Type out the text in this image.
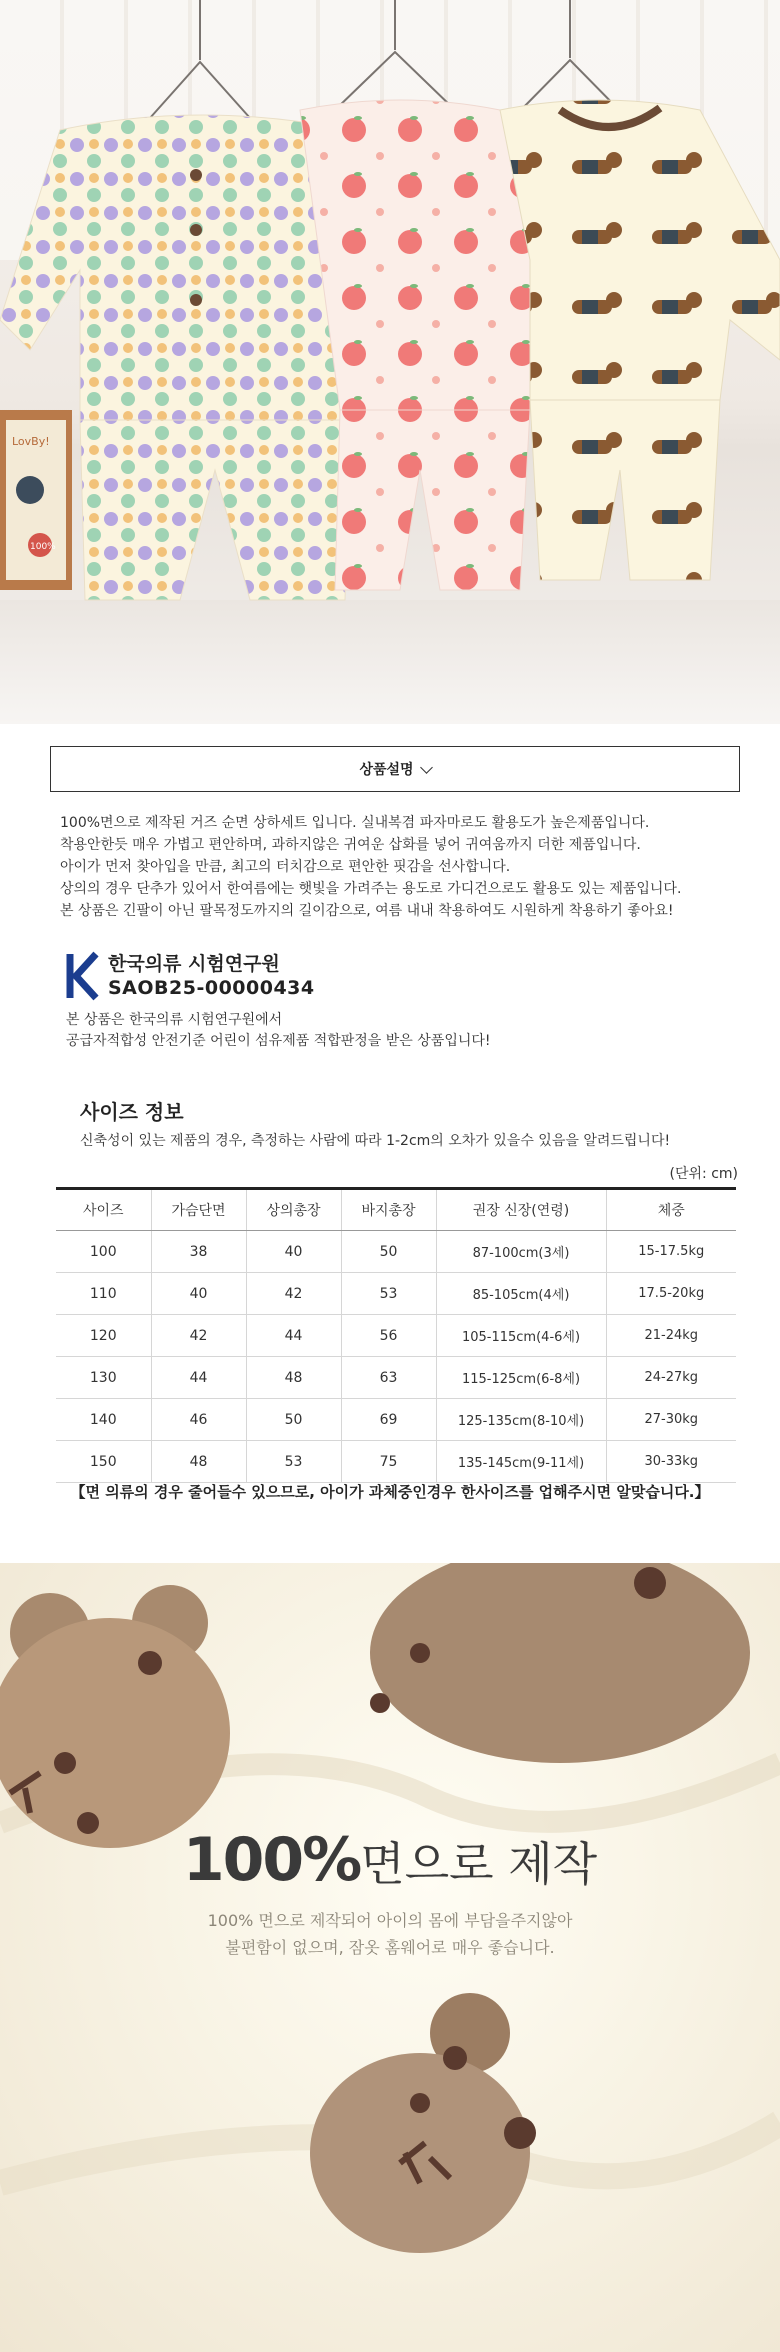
LovBy!
100%
상품설명

100%면으로 제작된 거즈 순면 상하세트 입니다. 실내복겸 파자마로도 활용도가 높은제품입니다.

착용안한듯 매우 가볍고 편안하며, 과하지않은 귀여운 삽화를 넣어 귀여움까지 더한 제품입니다.

아이가 먼저 찾아입을 만큼, 최고의 터치감으로 편안한 핏감을 선사합니다.

상의의 경우 단추가 있어서 한여름에는 햇빛을 가려주는 용도로 가디건으로도 활용도 있는 제품입니다.

본 상품은 긴팔이 아닌 팔목정도까지의 길이감으로, 여름 내내 착용하여도 시원하게 착용하기 좋아요!

한국의류 시험연구원
SAOB25-00000434

본 상품은 한국의류 시험연구원에서

공급자적합성 안전기준 어린이 섬유제품 적합판정을 받은 상품입니다!

사이즈 정보
신축성이 있는 제품의 경우, 측정하는 사람에 따라 1-2cm의 오차가 있을수 있음을 알려드립니다!
(단위: cm)
사이즈	가슴단면	상의총장	바지총장	권장 신장(연령)	체중
100	38	40	50	87-100cm(3세)	15-17.5kg
110	40	42	53	85-105cm(4세)	17.5-20kg
120	42	44	56	105-115cm(4-6세)	21-24kg
130	44	48	63	115-125cm(6-8세)	24-27kg
140	46	50	69	125-135cm(8-10세)	27-30kg
150	48	53	75	135-145cm(9-11세)	30-33kg
【면 의류의 경우 줄어들수 있으므로, 아이가 과체중인경우 한사이즈를 업해주시면 알맞습니다.】
100%면으로 제작
100% 면으로 제작되어 아이의 몸에 부담을주지않아
불편함이 없으며, 잠옷 홈웨어로 매우 좋습니다.
